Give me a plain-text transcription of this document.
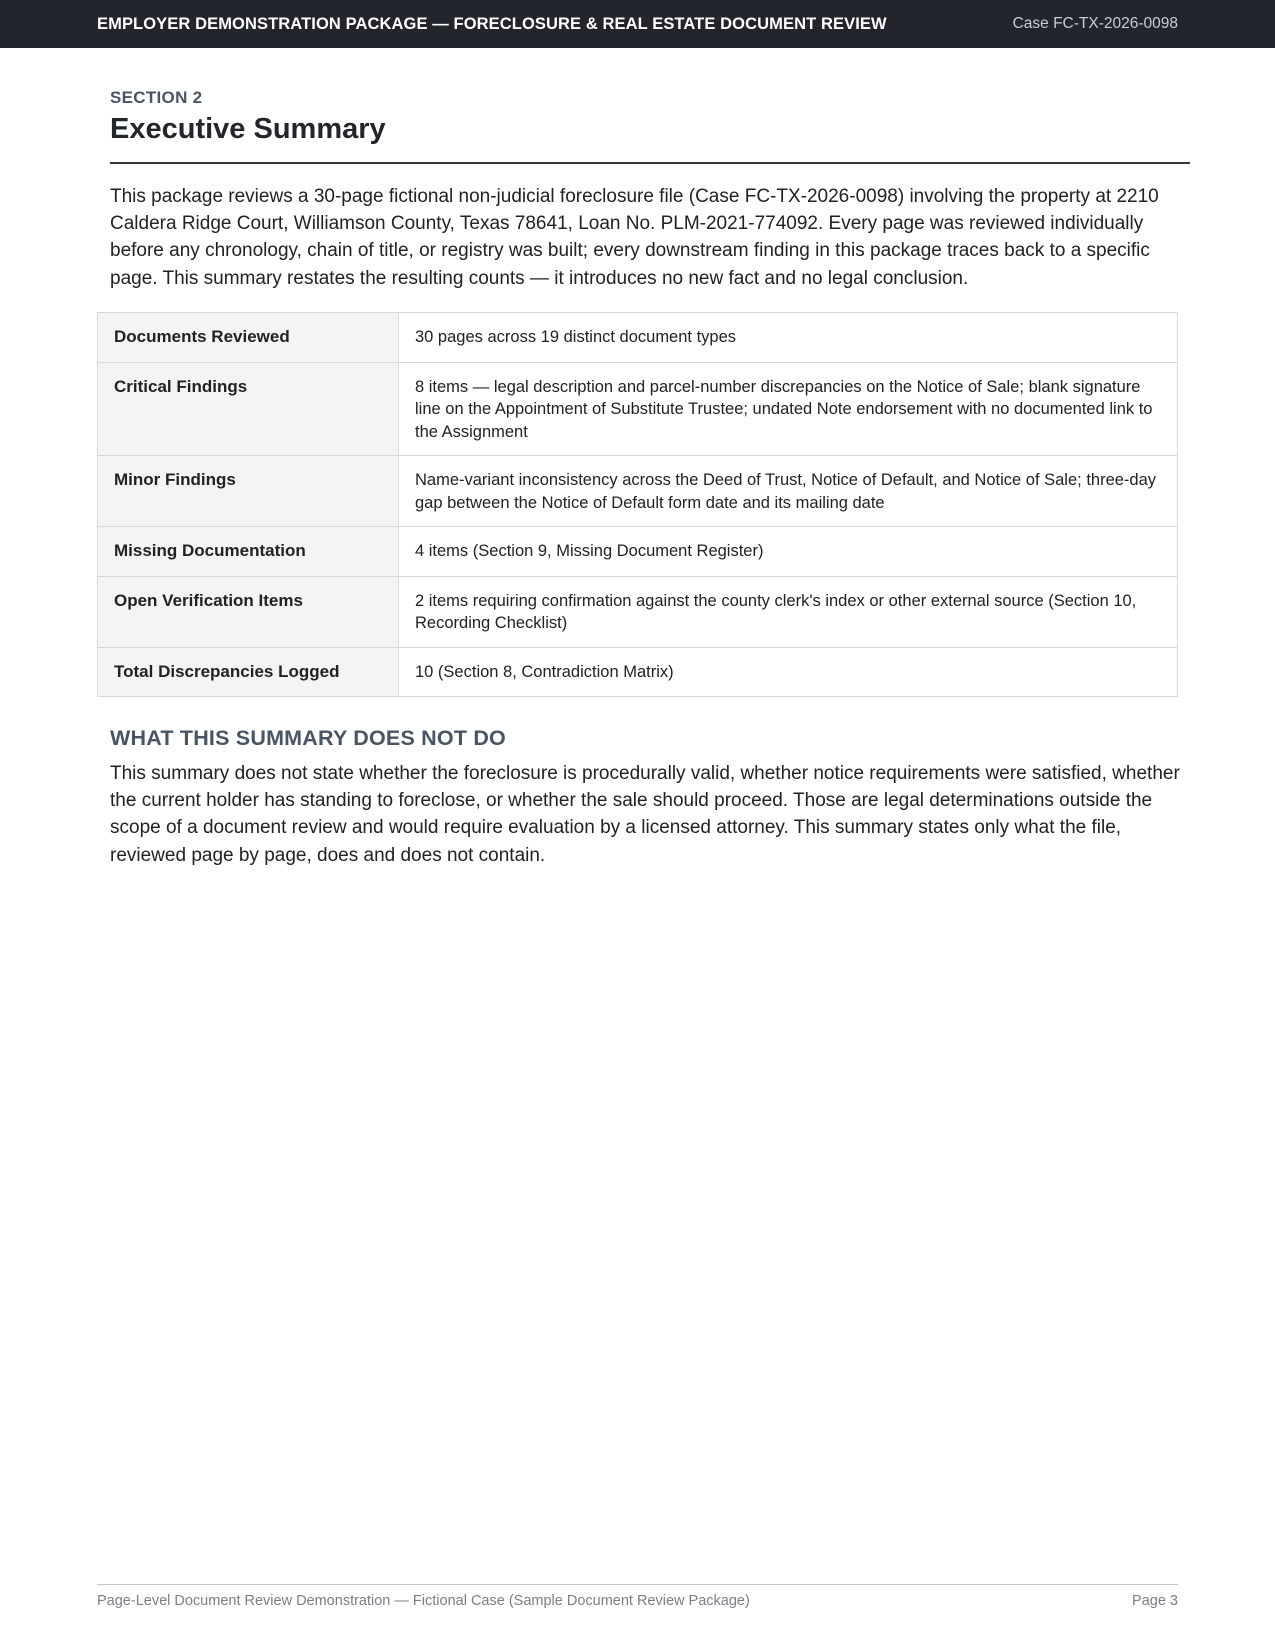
EMPLOYER DEMONSTRATION PACKAGE — FORECLOSURE & REAL ESTATE DOCUMENT REVIEW	Case FC-TX-2026-0098
SECTION 2
Executive Summary

This package reviews a 30-page fictional non-judicial foreclosure file (Case FC-TX-2026-0098) involving the property at 2210 Caldera Ridge Court, Williamson County, Texas 78641, Loan No. PLM-2021-774092. Every page was reviewed individually before any chronology, chain of title, or registry was built; every downstream finding in this package traces back to a specific page. This summary restates the resulting counts — it introduces no new fact and no legal conclusion.

Documents Reviewed	30 pages across 19 distinct document types
Critical Findings	8 items — legal description and parcel-number discrepancies on the Notice of Sale; blank signature line on the Appointment of Substitute Trustee; undated Note endorsement with no documented link to the Assignment
Minor Findings	Name-variant inconsistency across the Deed of Trust, Notice of Default, and Notice of Sale; three-day gap between the Notice of Default form date and its mailing date
Missing Documentation	4 items (Section 9, Missing Document Register)
Open Verification Items	2 items requiring confirmation against the county clerk's index or other external source (Section 10, Recording Checklist)
Total Discrepancies Logged	10 (Section 8, Contradiction Matrix)
WHAT THIS SUMMARY DOES NOT DO

This summary does not state whether the foreclosure is procedurally valid, whether notice requirements were satisfied, whether the current holder has standing to foreclose, or whether the sale should proceed. Those are legal determinations outside the scope of a document review and would require evaluation by a licensed attorney. This summary states only what the file, reviewed page by page, does and does not contain.

Page-Level Document Review Demonstration — Fictional Case (Sample Document Review Package)	Page 3
